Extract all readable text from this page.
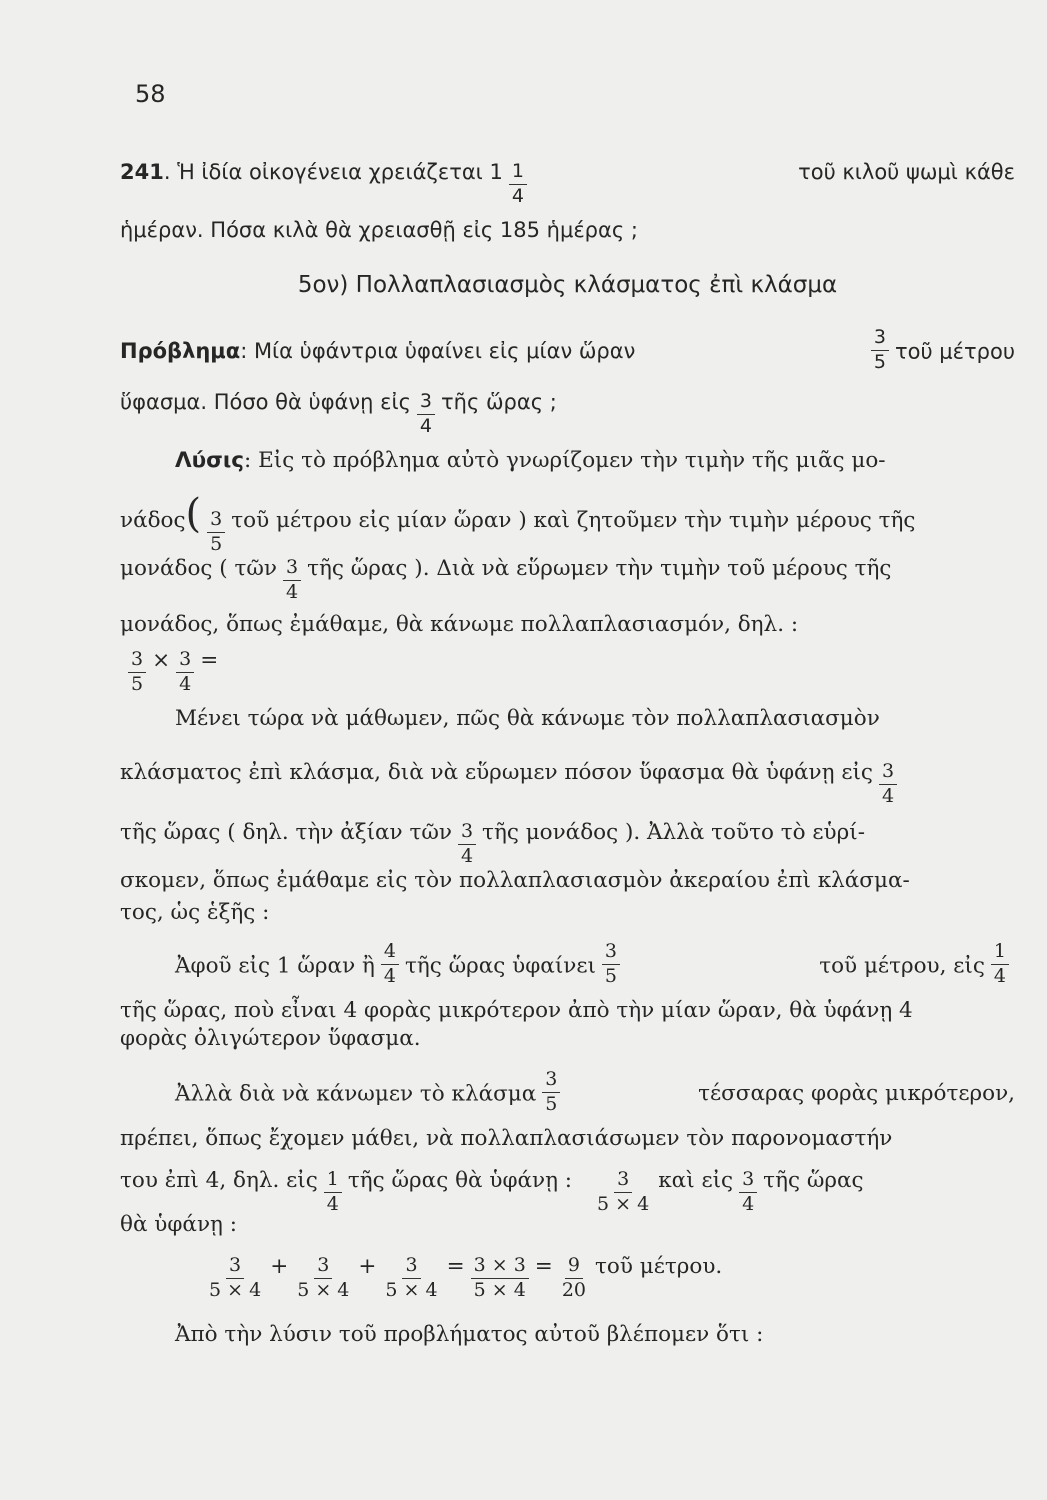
58
241 . Ἡ ἰδία οἰκογένεια χρειάζεται $1 \frac{1}{4}$	τοῦ κιλοῦ ψωμὶ κάθε
ἡμέραν. Πόσα κιλὰ θὰ χρειασθῇ εἰς 185 ἡμέρας ;
5ον) Πολλαπλασιασμὸς κλάσματος ἐπὶ κλάσμα
Πρόβλημα: Μία ὑφάντρια ὑφαίνει εἰς μίαν ὥραν	$\frac{3}{5}$ τοῦ μέτρου
ὕφασμα. Πόσο θὰ ὑφάνῃ εἰς $\frac{3}{4}$ τῆς ὥρας ;
Λύσις : Εἰς τὸ πρόβλημα αὐτὸ γνωρίζομεν τὴν τιμὴν τῆς μιᾶς μο-
νάδος ( $\frac{3}{5}$ τοῦ μέτρου εἰς μίαν ὥραν ) καὶ ζητοῦμεν τὴν τιμὴν μέρους τῆς
μονάδος ( τῶν $\frac{3}{4}$ τῆς ὥρας ). Διὰ νὰ εὕρωμεν τὴν τιμὴν τοῦ μέρους τῆς
μονάδος, ὅπως ἐμάθαμε, θὰ κάνωμε πολλαπλασιασμόν, δηλ. :
$\frac{3}{5} \times \frac{3}{4}$ =
Μένει τώρα νὰ μάθωμεν, πῶς θὰ κάνωμε τὸν πολλαπλασιασμὸν
κλάσματος ἐπὶ κλάσμα, διὰ νὰ εὕρωμεν πόσον ὕφασμα θὰ ὑφάνῃ εἰς $\frac{3}{4}$
τῆς ὥρας ( δηλ. τὴν ἀξίαν τῶν $\frac{3}{4}$ τῆς μονάδος ). Ἀλλὰ τοῦτο τὸ εὑρί-
σκομεν, ὅπως ἐμάθαμε εἰς τὸν πολλαπλασιασμὸν ἀκεραίου ἐπὶ κλάσμα-
τος, ὡς ἑξῆς :
Ἀφοῦ εἰς 1 ὥραν ἢ $\frac{4}{4}$ τῆς ὥρας ὑφαίνει $\frac{3}{5}$	τοῦ μέτρου, εἰς $\frac{1}{4}$
τῆς ὥρας, ποὺ εἶναι 4 φορὰς μικρότερον ἀπὸ τὴν μίαν ὥραν, θὰ ὑφάνῃ 4
φορὰς ὀλιγώτερον ὕφασμα.
Ἀλλὰ διὰ νὰ κάνωμεν τὸ κλάσμα $\frac{3}{5}$	τέσσαρας φορὰς μικρότερον,
πρέπει, ὅπως ἔχομεν μάθει, νὰ πολλαπλασιάσωμεν τὸν παρονομαστήν
του ἐπὶ 4, δηλ. εἰς $\frac{1}{4}$ τῆς ὥρας θὰ ὑφάνῃ : $\frac{3}{5 \times 4}$ καὶ εἰς $\frac{3}{4}$ τῆς ὥρας
θὰ ὑφάνῃ :
$\frac{3}{5 \times 4} + \frac{3}{5 \times 4} + \frac{3}{5 \times 4} = \frac{3 \times 3}{5 \times 4} = \frac{9}{20}$ τοῦ μέτρου.
Ἀπὸ τὴν λύσιν τοῦ προβλήματος αὐτοῦ βλέπομεν ὅτι :
